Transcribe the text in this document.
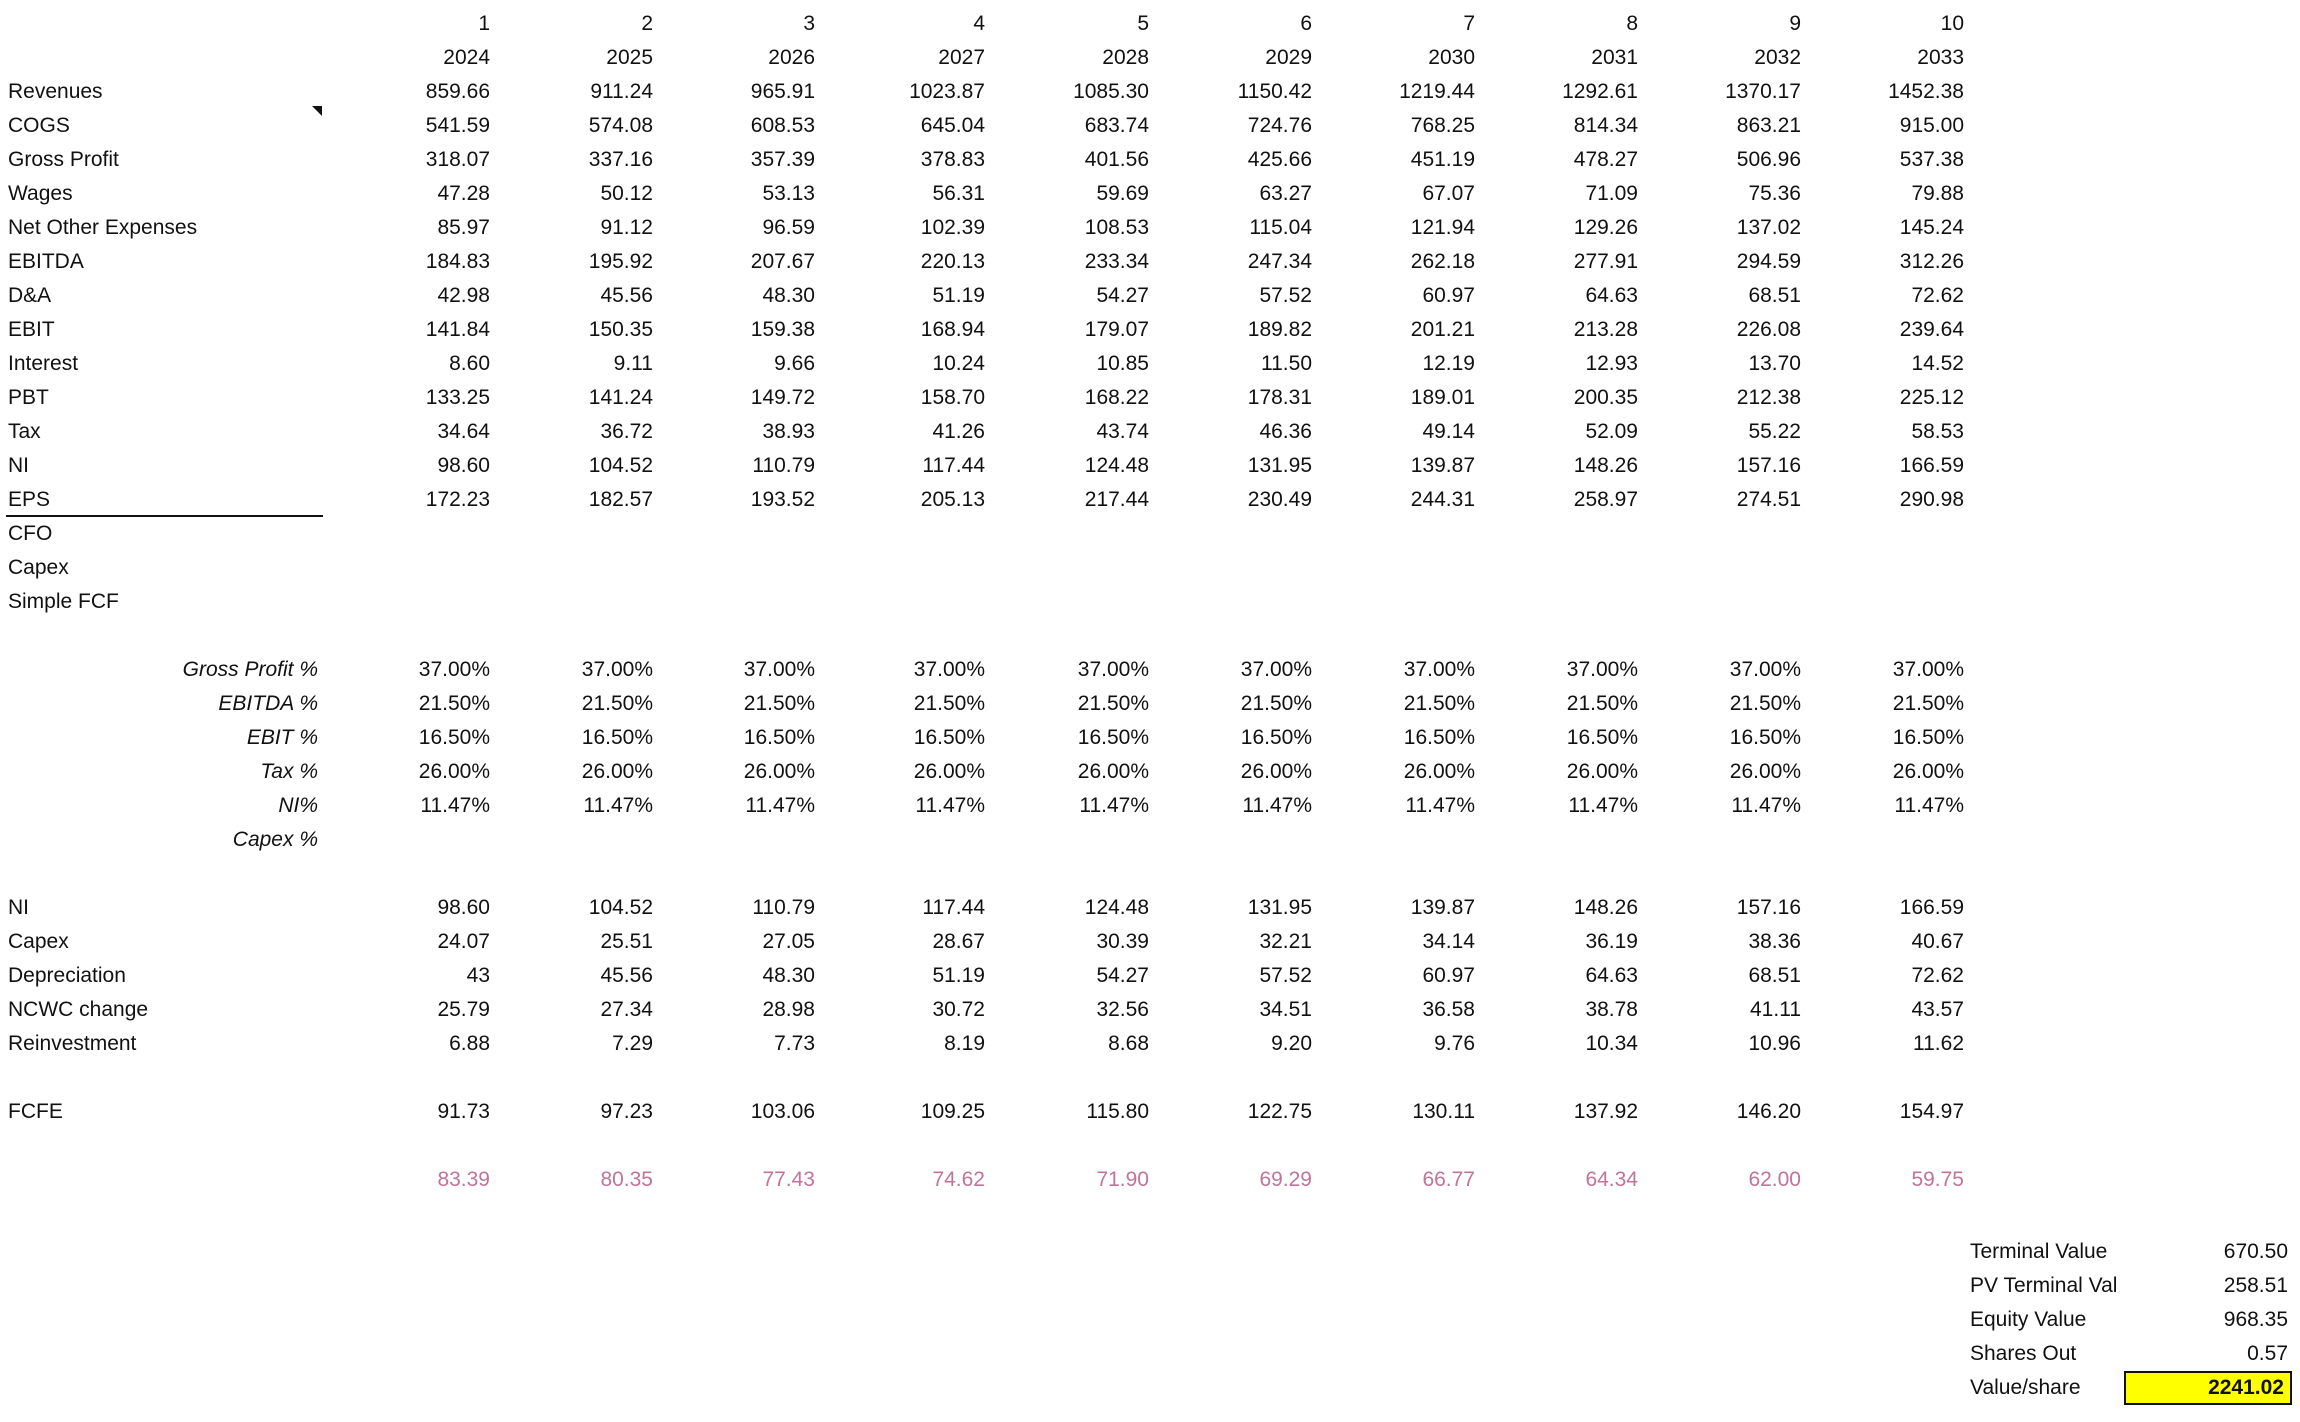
1	2	3	4	5	6	7	8	9	10
2024	2025	2026	2027	2028	2029	2030	2031	2032	2033
Revenues	859.66	911.24	965.91	1023.87	1085.30	1150.42	1219.44	1292.61	1370.17	1452.38
COGS	541.59	574.08	608.53	645.04	683.74	724.76	768.25	814.34	863.21	915.00
Gross Profit	318.07	337.16	357.39	378.83	401.56	425.66	451.19	478.27	506.96	537.38
Wages	47.28	50.12	53.13	56.31	59.69	63.27	67.07	71.09	75.36	79.88
Net Other Expenses	85.97	91.12	96.59	102.39	108.53	115.04	121.94	129.26	137.02	145.24
EBITDA	184.83	195.92	207.67	220.13	233.34	247.34	262.18	277.91	294.59	312.26
D&A	42.98	45.56	48.30	51.19	54.27	57.52	60.97	64.63	68.51	72.62
EBIT	141.84	150.35	159.38	168.94	179.07	189.82	201.21	213.28	226.08	239.64
Interest	8.60	9.11	9.66	10.24	10.85	11.50	12.19	12.93	13.70	14.52
PBT	133.25	141.24	149.72	158.70	168.22	178.31	189.01	200.35	212.38	225.12
Tax	34.64	36.72	38.93	41.26	43.74	46.36	49.14	52.09	55.22	58.53
NI	98.60	104.52	110.79	117.44	124.48	131.95	139.87	148.26	157.16	166.59
EPS	172.23	182.57	193.52	205.13	217.44	230.49	244.31	258.97	274.51	290.98
CFO
Capex
Simple FCF
Gross Profit %	37.00%	37.00%	37.00%	37.00%	37.00%	37.00%	37.00%	37.00%	37.00%	37.00%
EBITDA %	21.50%	21.50%	21.50%	21.50%	21.50%	21.50%	21.50%	21.50%	21.50%	21.50%
EBIT %	16.50%	16.50%	16.50%	16.50%	16.50%	16.50%	16.50%	16.50%	16.50%	16.50%
Tax %	26.00%	26.00%	26.00%	26.00%	26.00%	26.00%	26.00%	26.00%	26.00%	26.00%
NI%	11.47%	11.47%	11.47%	11.47%	11.47%	11.47%	11.47%	11.47%	11.47%	11.47%
Capex %
NI	98.60	104.52	110.79	117.44	124.48	131.95	139.87	148.26	157.16	166.59
Capex	24.07	25.51	27.05	28.67	30.39	32.21	34.14	36.19	38.36	40.67
Depreciation	43	45.56	48.30	51.19	54.27	57.52	60.97	64.63	68.51	72.62
NCWC change	25.79	27.34	28.98	30.72	32.56	34.51	36.58	38.78	41.11	43.57
Reinvestment	6.88	7.29	7.73	8.19	8.68	9.20	9.76	10.34	10.96	11.62
FCFE	91.73	97.23	103.06	109.25	115.80	122.75	130.11	137.92	146.20	154.97
83.39	80.35	77.43	74.62	71.90	69.29	66.77	64.34	62.00	59.75
Terminal Value	670.50
PV Terminal Val	258.51
Equity Value	968.35
Shares Out	0.57
Value/share	2241.02
